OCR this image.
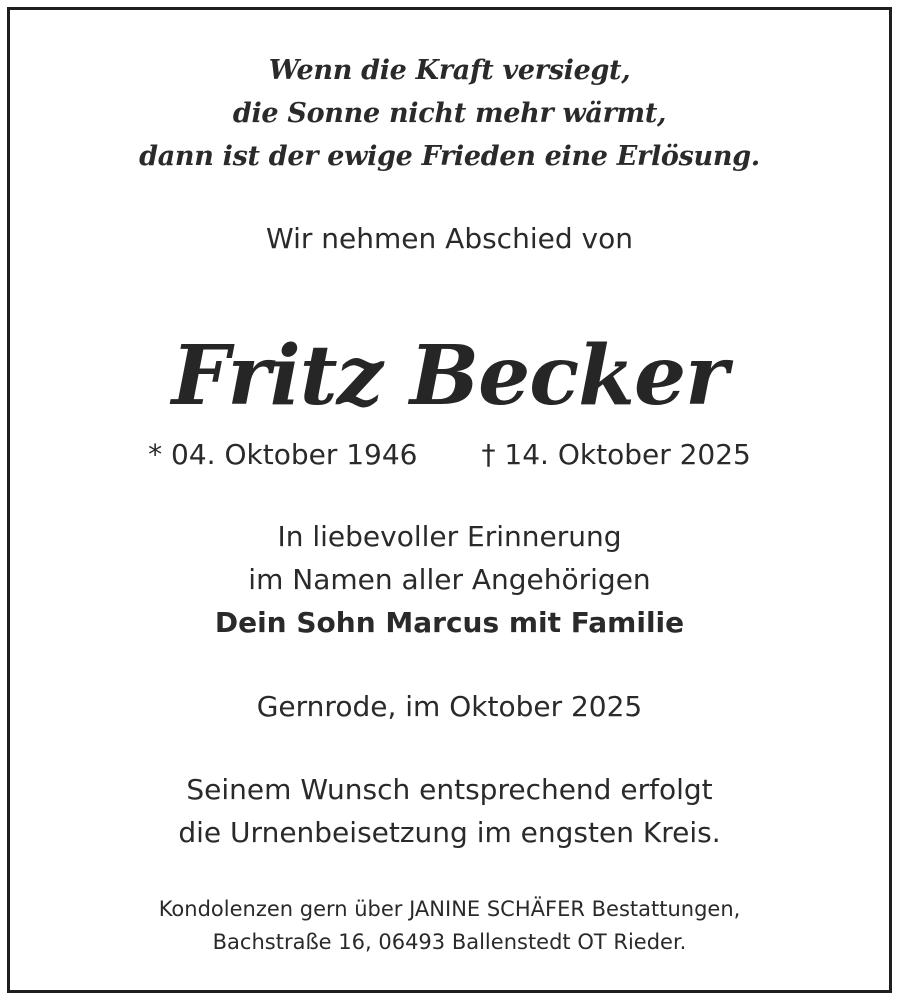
Wenn die Kraft versiegt,
die Sonne nicht mehr wärmt,
dann ist der ewige Frieden eine Erlösung.
Wir nehmen Abschied von
Fritz Becker
* 04. Oktober 1946 † 14. Oktober 2025
In liebevoller Erinnerung
im Namen aller Angehörigen
Dein Sohn Marcus mit Familie
Gernrode, im Oktober 2025
Seinem Wunsch entsprechend erfolgt
die Urnenbeisetzung im engsten Kreis.
Kondolenzen gern über JANINE SCHÄFER Bestattungen,
Bachstraße 16, 06493 Ballenstedt OT Rieder.
